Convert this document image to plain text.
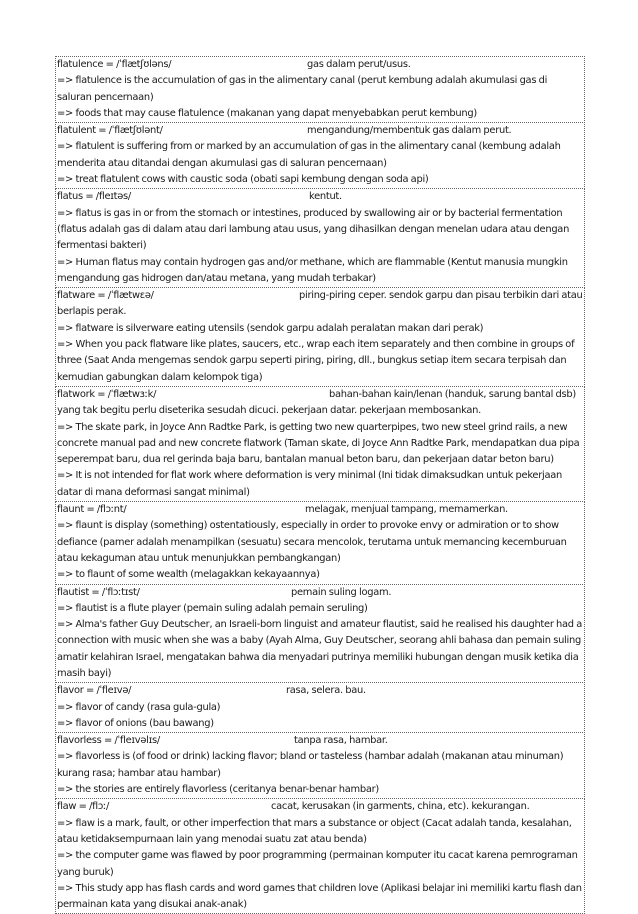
flatulence = /ˈflætʃʊləns/	gas dalam perut/usus.
=> flatulence is the accumulation of gas in the alimentary canal (perut kembung adalah akumulasi gas di saluran pencernaan)
=> foods that may cause flatulence (makanan yang dapat menyebabkan perut kembung)
flatulent = /ˈflætʃʊlənt/	mengandung/membentuk gas dalam perut.
=> flatulent is suffering from or marked by an accumulation of gas in the alimentary canal (kembung adalah menderita atau ditandai dengan akumulasi gas di saluran pencernaan)
=> treat flatulent cows with caustic soda (obati sapi kembung dengan soda api)
flatus = /fleɪtəs/	kentut.
=> flatus is gas in or from the stomach or intestines, produced by swallowing air or by bacterial fermentation (flatus adalah gas di dalam atau dari lambung atau usus, yang dihasilkan dengan menelan udara atau dengan fermentasi bakteri)
=> Human flatus may contain hydrogen gas and/or methane, which are flammable (Kentut manusia mungkin mengandung gas hidrogen dan/atau metana, yang mudah terbakar)
flatware = /ˈflætwɛə/	piring-piring ceper. sendok garpu dan pisau terbikin dari atau berlapis perak.
=> flatware is silverware eating utensils (sendok garpu adalah peralatan makan dari perak)
=> When you pack flatware like plates, saucers, etc., wrap each item separately and then combine in groups of three (Saat Anda mengemas sendok garpu seperti piring, piring, dll., bungkus setiap item secara terpisah dan kemudian gabungkan dalam kelompok tiga)
flatwork = /ˈflætwɜːk/	bahan-bahan kain/lenan (handuk, sarung bantal dsb) yang tak begitu perlu diseterika sesudah dicuci. pekerjaan datar. pekerjaan membosankan.
=> The skate park, in Joyce Ann Radtke Park, is getting two new quarterpipes, two new steel grind rails, a new concrete manual pad and new concrete flatwork (Taman skate, di Joyce Ann Radtke Park, mendapatkan dua pipa seperempat baru, dua rel gerinda baja baru, bantalan manual beton baru, dan pekerjaan datar beton baru)
=> It is not intended for flat work where deformation is very minimal (Ini tidak dimaksudkan untuk pekerjaan datar di mana deformasi sangat minimal)
flaunt = /flɔːnt/	melagak, menjual tampang, memamerkan.
=> flaunt is display (something) ostentatiously, especially in order to provoke envy or admiration or to show defiance (pamer adalah menampilkan (sesuatu) secara mencolok, terutama untuk memancing kecemburuan atau kekaguman atau untuk menunjukkan pembangkangan)
=> to flaunt of some wealth (melagakkan kekayaannya)
flautist = /ˈflɔːtɪst/	pemain suling logam.
=> flautist is a flute player (pemain suling adalah pemain seruling)
=> Alma's father Guy Deutscher, an Israeli-born linguist and amateur flautist, said he realised his daughter had a connection with music when she was a baby (Ayah Alma, Guy Deutscher, seorang ahli bahasa dan pemain suling amatir kelahiran Israel, mengatakan bahwa dia menyadari putrinya memiliki hubungan dengan musik ketika dia masih bayi)
flavor = /ˈfleɪvə/	rasa, selera. bau.
=> flavor of candy (rasa gula-gula)
=> flavor of onions (bau bawang)
flavorless = /ˈfleɪvəlɪs/	tanpa rasa, hambar.
=> flavorless is (of food or drink) lacking flavor; bland or tasteless (hambar adalah (makanan atau minuman) kurang rasa; hambar atau hambar)
=> the stories are entirely flavorless (ceritanya benar-benar hambar)
flaw = /flɔː/	cacat, kerusakan (in garments, china, etc). kekurangan.
=> flaw is a mark, fault, or other imperfection that mars a substance or object (Cacat adalah tanda, kesalahan, atau ketidaksempurnaan lain yang menodai suatu zat atau benda)
=> the computer game was flawed by poor programming (permainan komputer itu cacat karena pemrograman yang buruk)
=> This study app has flash cards and word games that children love (Aplikasi belajar ini memiliki kartu flash dan permainan kata yang disukai anak-anak)
